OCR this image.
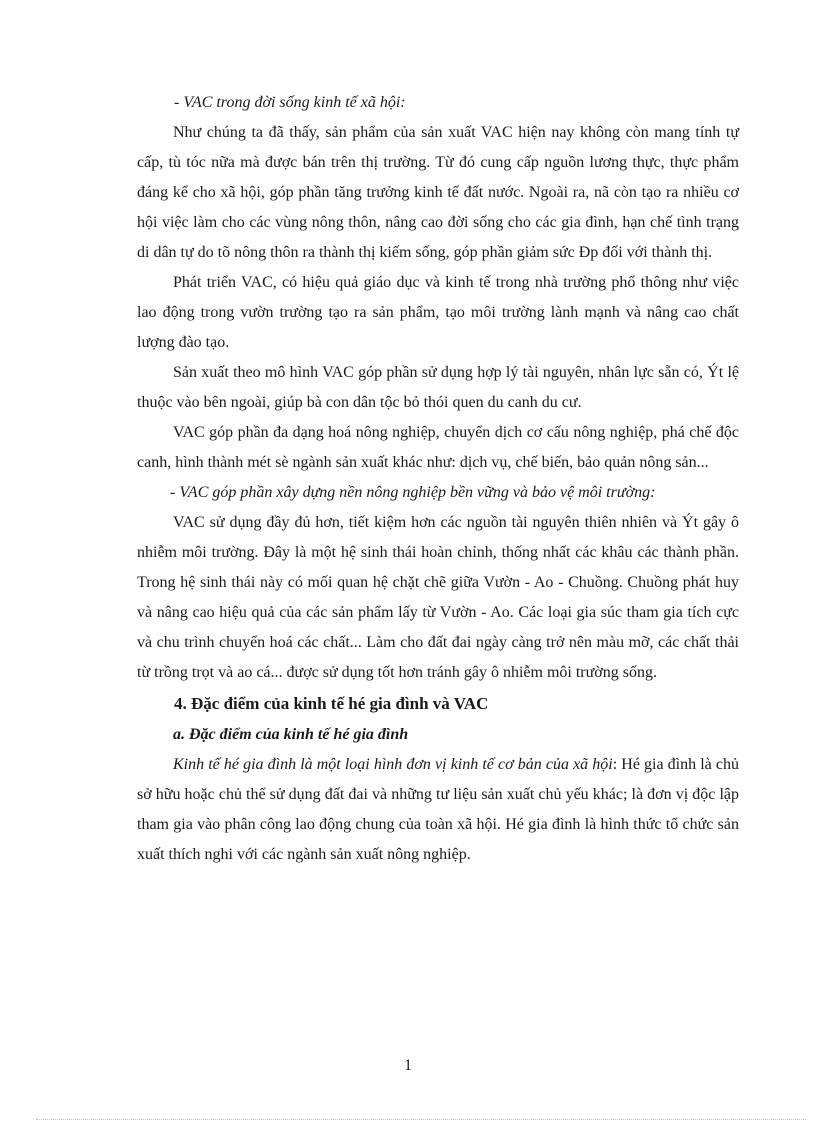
- VAC trong đời sống kinh tế xã hội:

Như chúng ta đã thấy, sản phẩm của sản xuất VAC hiện nay không còn mang tính tự cấp, tù tóc nữa mà được bán trên thị trường. Từ đó cung cấp nguồn lương thực, thực phẩm đáng kể cho xã hội, góp phần tăng trưởng kinh tế đất nước. Ngoài ra, nã còn tạo ra nhiều cơ hội việc làm cho các vùng nông thôn, nâng cao đời sống cho các gia đình, hạn chế tình trạng di dân tự do tõ nông thôn ra thành thị kiếm sống, góp phần giảm sức Ðp đối với thành thị.

Phát triển VAC, có hiệu quả giáo dục và kinh tế trong nhà trường phổ thông như việc lao động trong vườn trường tạo ra sản phẩm, tạo môi trường lành mạnh và nâng cao chất lượng đào tạo.

Sản xuất theo mô hình VAC góp phần sử dụng hợp lý tài nguyên, nhân lực sẵn có, Ýt lệ thuộc vào bên ngoài, giúp bà con dân tộc bỏ thói quen du canh du cư.

VAC góp phần đa dạng hoá nông nghiệp, chuyển dịch cơ cấu nông nghiệp, phá chế độc canh, hình thành mét sè ngành sản xuất khác như: dịch vụ, chế biến, bảo quản nông sản...

- VAC góp phần xây dựng nền nông nghiệp bền vững và bảo vệ môi trường:

VAC sử dụng đầy đủ hơn, tiết kiệm hơn các nguồn tài nguyên thiên nhiên và Ýt gây ô nhiễm môi trường. Đây là một hệ sinh thái hoàn chỉnh, thống nhất các khâu các thành phần. Trong hệ sinh thái này có mối quan hệ chặt chẽ giữa Vườn - Ao - Chuồng. Chuồng phát huy và nâng cao hiệu quả của các sản phẩm lấy từ Vườn - Ao. Các loại gia súc tham gia tích cực và chu trình chuyển hoá các chất... Làm cho đất đai ngày càng trở nên màu mỡ, các chất thải từ trồng trọt và ao cá... được sử dụng tốt hơn tránh gây ô nhiễm môi trường sống.

4. Đặc điểm của kinh tế hé gia đình và VAC

a. Đặc điểm của kinh tế hé gia đình

Kinh tế hé gia đình là một loại hình đơn vị kinh tế cơ bản của xã hội: Hé gia đình là chủ sở hữu hoặc chủ thể sử dụng đất đai và những tư liệu sản xuất chủ yếu khác; là đơn vị độc lập tham gia vào phân công lao động chung của toàn xã hội. Hé gia đình là hình thức tổ chức sản xuất thích nghi với các ngành sản xuất nông nghiệp.

1
